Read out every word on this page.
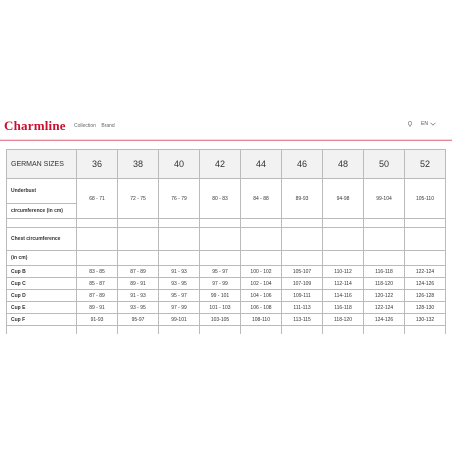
Charmline Collection Brand	EN
GERMAN SIZES	36	38	40	42	44	46	48	50	52
Underbust	68 - 71	72 - 75	76 - 79	80 - 83	84 - 88	89-93	94-98	99-104	105-110
circumference (in cm)									

Chest circumference									
(in cm)									
Cup B	83 - 85	87 - 89	91 - 93	95 - 97	100 - 102	105-107	110-112	116-118	122-124
Cup C	85 - 87	89 - 91	93 - 95	97 - 99	102 - 104	107-109	112-114	118-120	124-126
Cup D	87 - 89	91 - 93	95 - 97	99 - 101	104 - 106	109-111	114-116	120-122	126-128
Cup E	89 - 91	93 - 95	97 - 99	101 - 103	106 - 108	111-113	116-118	122-124	128-130
Cup F	91-93	95-97	99-101	103-105	108-110	113-115	118-120	124-126	130-132
